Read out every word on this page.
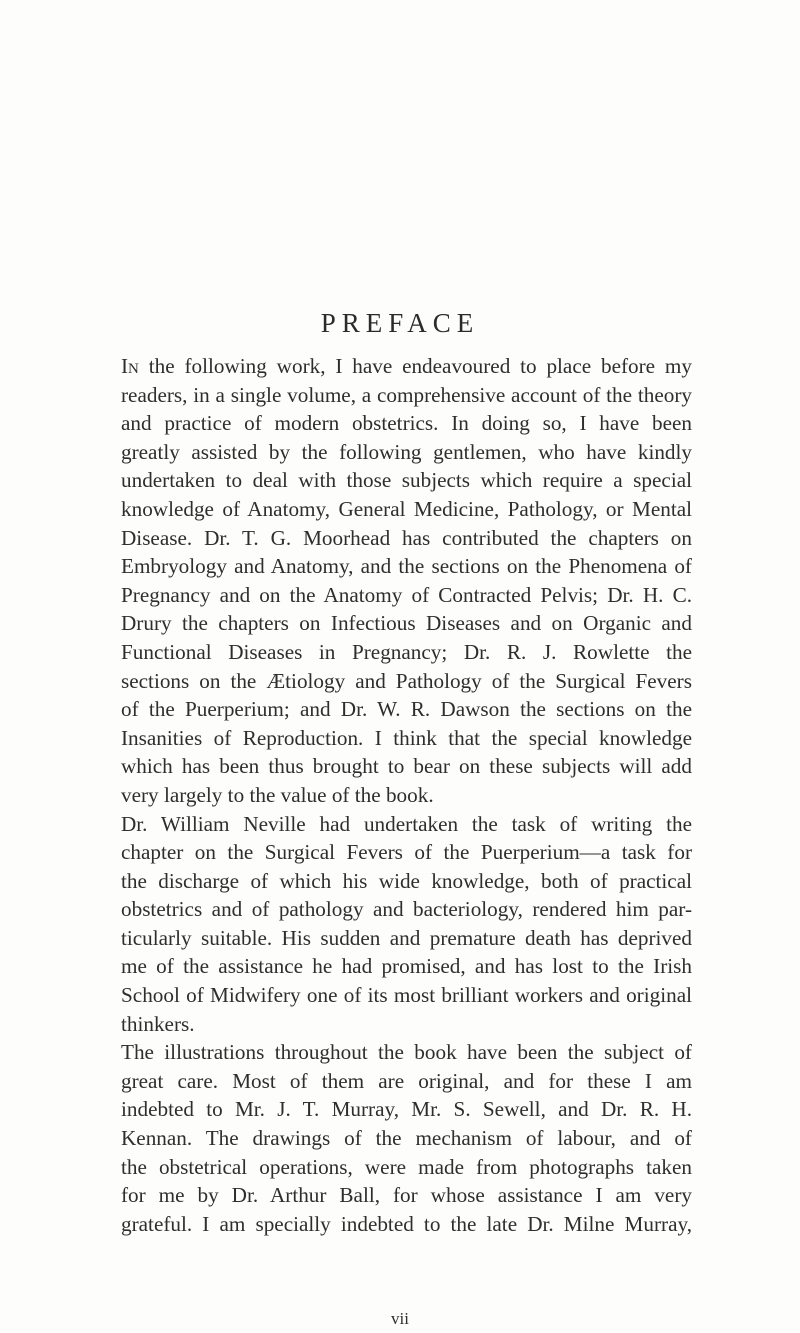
PREFACE
In the following work, I have endeavoured to place before my
readers, in a single volume, a comprehensive account of the theory
and practice of modern obstetrics. In doing so, I have been
greatly assisted by the following gentlemen, who have kindly
undertaken to deal with those subjects which require a special
knowledge of Anatomy, General Medicine, Pathology, or Mental
Disease. Dr. T. G. Moorhead has contributed the chapters on
Embryology and Anatomy, and the sections on the Phenomena of
Pregnancy and on the Anatomy of Contracted Pelvis; Dr. H. C.
Drury the chapters on Infectious Diseases and on Organic and
Functional Diseases in Pregnancy; Dr. R. J. Rowlette the
sections on the Ætiology and Pathology of the Surgical Fevers
of the Puerperium; and Dr. W. R. Dawson the sections on the
Insanities of Reproduction. I think that the special knowledge
which has been thus brought to bear on these subjects will add
very largely to the value of the book.
Dr. William Neville had undertaken the task of writing the
chapter on the Surgical Fevers of the Puerperium—a task for
the discharge of which his wide knowledge, both of practical
obstetrics and of pathology and bacteriology, rendered him par-
ticularly suitable. His sudden and premature death has deprived
me of the assistance he had promised, and has lost to the Irish
School of Midwifery one of its most brilliant workers and original
thinkers.
The illustrations throughout the book have been the subject of
great care. Most of them are original, and for these I am
indebted to Mr. J. T. Murray, Mr. S. Sewell, and Dr. R. H.
Kennan. The drawings of the mechanism of labour, and of
the obstetrical operations, were made from photographs taken
for me by Dr. Arthur Ball, for whose assistance I am very
grateful. I am specially indebted to the late Dr. Milne Murray,
vii
